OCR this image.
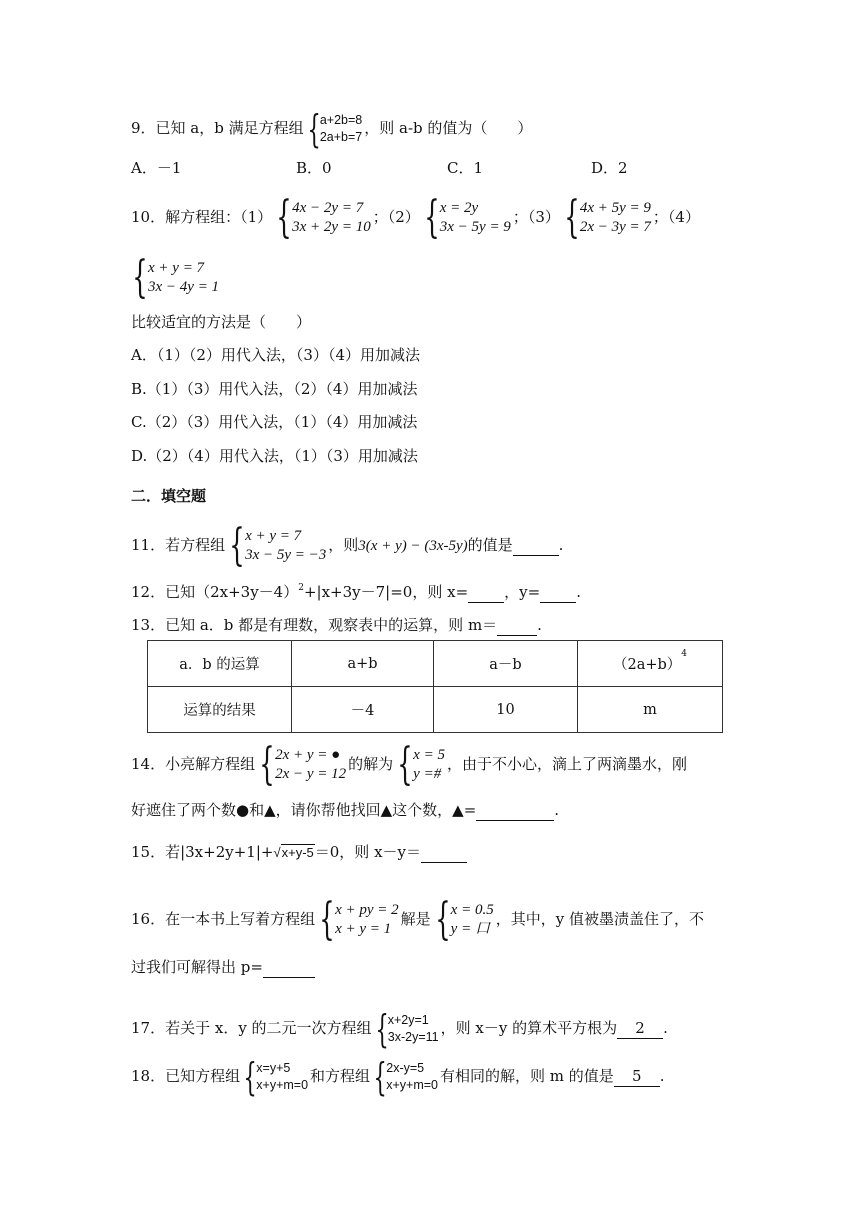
9．已知 a，b 满足方程组 { a+2b=8
2a+b=7 ，则 a-b 的值为（　　）
A．－1	B．0	C．1	D．2
10．解方程组：（1） { 4x − 2y = 7
3x + 2y = 10
；（2） { x = 2y
3x − 5y = 9
；（3） { 4x + 5y = 9
2x − 3y = 7
；（4）
{ x + y = 7
3x − 4y = 1
比较适宜的方法是（　　）
A．（1）（2）用代入法，（3）（4）用加减法
B.（1）（3）用代入法，（2）（4）用加减法
C.（2）（3）用代入法，（1）（4）用加减法
D.（2）（4）用代入法，（1）（3）用加减法
二．填空题
11．若方程组 { x + y = 7
3x − 5y = −3
，则3(x + y) − (3x-5y)的值是	.
12．已知$(2x+3y-4)^2+|x+3y-7|=0$，则 x= ，y= .
13．已知 a．b 都是有理数，观察表中的运算，则 m＝	.
a．b 的运算	a+b	a－b	$(2a+b)^4$
运算的结果	－4	10	m
14．小亮解方程组 { 2x + y = ●
2x − y = 12
的解为 { x = 5
y =#
，由于不小心，滴上了两滴墨水，刚
好遮住了两个数●和▲，请你帮他找回▲这个数，▲=	.
15．若|3x+2y+1|+√x+y-5＝0，则 x－y＝
16．在一本书上写着方程组 { x + py = 2
x + y = 1
解是 { x = 0.5
y = 口
，其中，y 值被墨渍盖住了，不
过我们可解得出 p=
17．若关于 x．y 的二元一次方程组 { x+2y=1
3x-2y=11 ，则 x－y 的算术平方根为 2 .
18．已知方程组 { x=y+5
x+y+m=0 和方程组 { 2x-y=5
x+y+m=0 有相同的解，则 m 的值是 5 .
